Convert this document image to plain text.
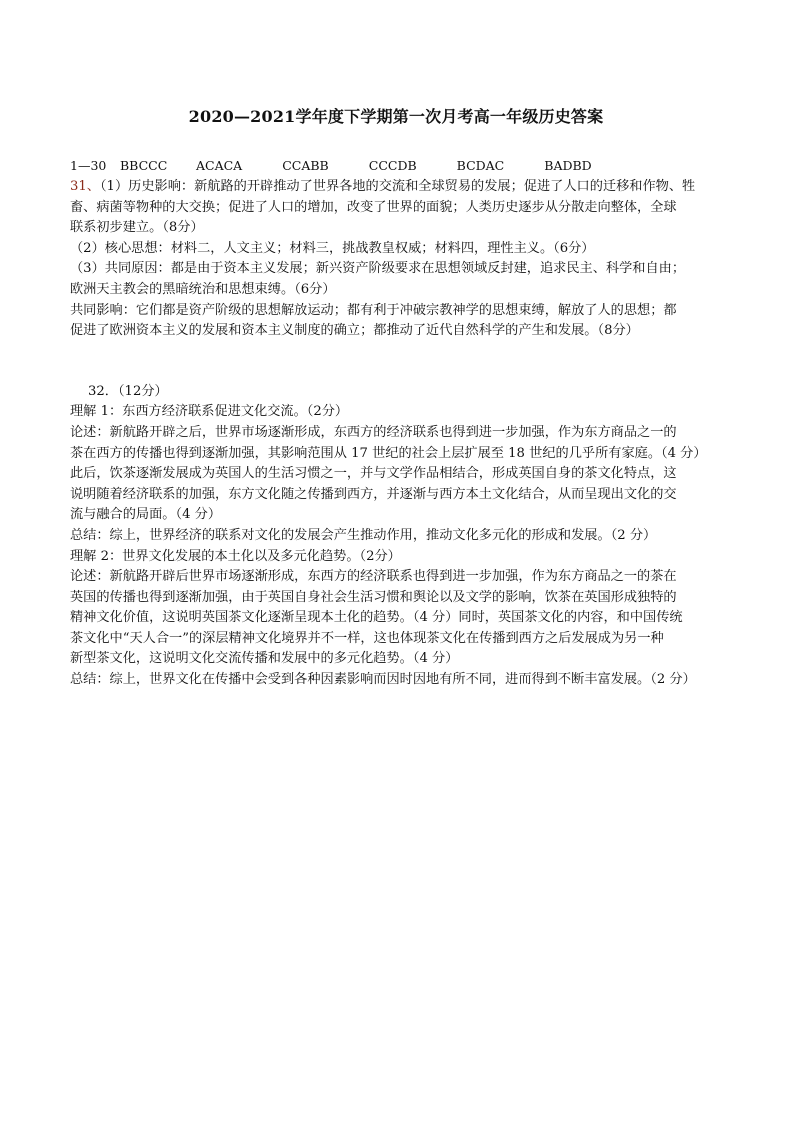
2020—2021学年度下学期第一次月考高一年级历史答案
1—30	BBCCC ACACA	CCABB	CCCDB	BCDAC	BADBD
31、（1）历史影响：新航路的开辟推动了世界各地的交流和全球贸易的发展；促进了人口的迁移和作物、牲
畜、病菌等物种的大交换；促进了人口的增加，改变了世界的面貌；人类历史逐步从分散走向整体，全球
联系初步建立。（8分）
（2）核心思想：材料二，人文主义；材料三，挑战教皇权威；材料四，理性主义。（6分）
（3）共同原因：都是由于资本主义发展；新兴资产阶级要求在思想领域反封建，追求民主、科学和自由；
欧洲天主教会的黑暗统治和思想束缚。（6分）
共同影响：它们都是资产阶级的思想解放运动；都有利于冲破宗教神学的思想束缚，解放了人的思想；都
促进了欧洲资本主义的发展和资本主义制度的确立；都推动了近代自然科学的产生和发展。（8分）
32．（12分）
理解 1：东西方经济联系促进文化交流。（2分）
论述：新航路开辟之后，世界市场逐渐形成，东西方的经济联系也得到进一步加强，作为东方商品之一的
茶在西方的传播也得到逐渐加强，其影响范围从 17 世纪的社会上层扩展至 18 世纪的几乎所有家庭。（4 分）
此后，饮茶逐渐发展成为英国人的生活习惯之一，并与文学作品相结合，形成英国自身的茶文化特点，这
说明随着经济联系的加强，东方文化随之传播到西方，并逐渐与西方本土文化结合，从而呈现出文化的交
流与融合的局面。（4 分）
总结：综上，世界经济的联系对文化的发展会产生推动作用，推动文化多元化的形成和发展。（2 分）
理解 2：世界文化发展的本土化以及多元化趋势。（2分）
论述：新航路开辟后世界市场逐渐形成，东西方的经济联系也得到进一步加强，作为东方商品之一的茶在
英国的传播也得到逐渐加强，由于英国自身社会生活习惯和舆论以及文学的影响，饮茶在英国形成独特的
精神文化价值，这说明英国茶文化逐渐呈现本土化的趋势。（4 分）同时，英国茶文化的内容，和中国传统
茶文化中“天人合一”的深层精神文化境界并不一样，这也体现茶文化在传播到西方之后发展成为另一种
新型茶文化，这说明文化交流传播和发展中的多元化趋势。（4 分）
总结：综上，世界文化在传播中会受到各种因素影响而因时因地有所不同，进而得到不断丰富发展。（2 分）
